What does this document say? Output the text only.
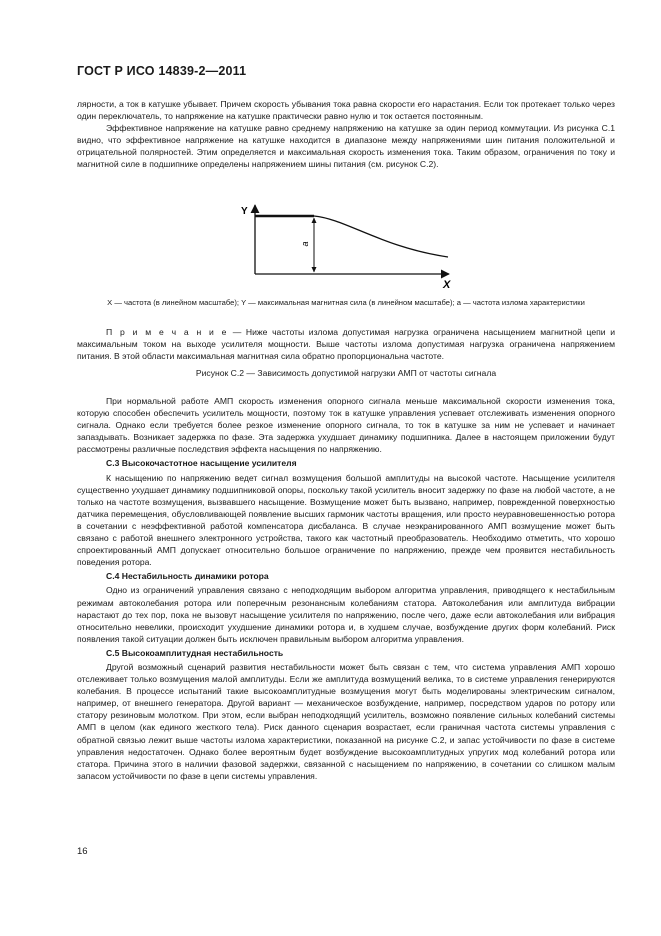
ГОСТ Р ИСО 14839-2—2011

лярности, а ток в катушке убывает. Причем скорость убывания тока равна скорости его нарастания. Если ток протекает только через один переключатель, то напряжение на катушке практически равно нулю и ток остается постоянным.

Эффективное напряжение на катушке равно среднему напряжению на катушке за один период коммутации. Из рисунка С.1 видно, что эффективное напряжение на катушке находится в диапазоне между напряжениями шин питания положительной и отрицательной полярностей. Этим определяется и максимальная скорость изменения тока. Таким образом, ограничения по току и магнитной силе в подшипнике определены напряжением шины питания (см. рисунок С.2).

Y
X
a
X — частота (в линейном масштабе); Y — максимальная магнитная сила (в линейном масштабе); a — частота излома характеристики

П р и м е ч а н и е — Ниже частоты излома допустимая нагрузка ограничена насыщением магнитной цепи и максимальным током на выходе усилителя мощности. Выше частоты излома допустимая нагрузка ограничена напряжением питания. В этой области максимальная магнитная сила обратно пропорциональна частоте.

Рисунок С.2 — Зависимость допустимой нагрузки АМП от частоты сигнала

При нормальной работе АМП скорость изменения опорного сигнала меньше максимальной скорости изменения тока, которую способен обеспечить усилитель мощности, поэтому ток в катушке управления успевает отслеживать изменения опорного сигнала. Однако если требуется более резкое изменение опорного сигнала, то ток в катушке за ним не успевает и начинает запаздывать. Возникает задержка по фазе. Эта задержка ухудшает динамику подшипника. Далее в настоящем приложении будут рассмотрены различные последствия эффекта насыщения по напряжению.

С.3 Высокочастотное насыщение усилителя

К насыщению по напряжению ведет сигнал возмущения большой амплитуды на высокой частоте. Насыщение усилителя существенно ухудшает динамику подшипниковой опоры, поскольку такой усилитель вносит задержку по фазе на любой частоте, а не только на частоте возмущения, вызвавшего насыщение. Возмущение может быть вызвано, например, поврежденной поверхностью датчика перемещения, обусловливающей появление высших гармоник частоты вращения, или просто неуравновешенностью ротора в сочетании с неэффективной работой компенсатора дисбаланса. В случае неэкранированного АМП возмущение может быть связано с работой внешнего электронного устройства, такого как частотный преобразователь. Необходимо отметить, что хорошо спроектированный АМП допускает относительно большое ограничение по напряжению, прежде чем проявится нестабильность поведения ротора.

С.4 Нестабильность динамики ротора

Одно из ограничений управления связано с неподходящим выбором алгоритма управления, приводящего к нестабильным режимам автоколебания ротора или поперечным резонансным колебаниям статора. Автоколебания или амплитуда вибрации нарастают до тех пор, пока не вызовут насыщение усилителя по напряжению, после чего, даже если автоколебания или вибрация относительно невелики, происходит ухудшение динамики ротора и, в худшем случае, возбуждение других форм колебаний. Риск появления такой ситуации должен быть исключен правильным выбором алгоритма управления.

С.5 Высокоамплитудная нестабильность

Другой возможный сценарий развития нестабильности может быть связан с тем, что система управления АМП хорошо отслеживает только возмущения малой амплитуды. Если же амплитуда возмущений велика, то в системе управления генерируются колебания. В процессе испытаний такие высокоамплитудные возмущения могут быть моделированы электрическим сигналом, например, от внешнего генератора. Другой вариант — механическое возбуждение, например, посредством ударов по ротору или статору резиновым молотком. При этом, если выбран неподходящий усилитель, возможно появление сильных колебаний системы АМП в целом (как единого жесткого тела). Риск данного сценария возрастает, если граничная частота системы управления с обратной связью лежит выше частоты излома характеристики, показанной на рисунке С.2, и запас устойчивости по фазе в системе управления недостаточен. Однако более вероятным будет возбуждение высокоамплитудных упругих мод колебаний ротора или статора. Причина этого в наличии фазовой задержки, связанной с насыщением по напряжению, в сочетании со слишком малым запасом устойчивости по фазе в цепи системы управления.

16
